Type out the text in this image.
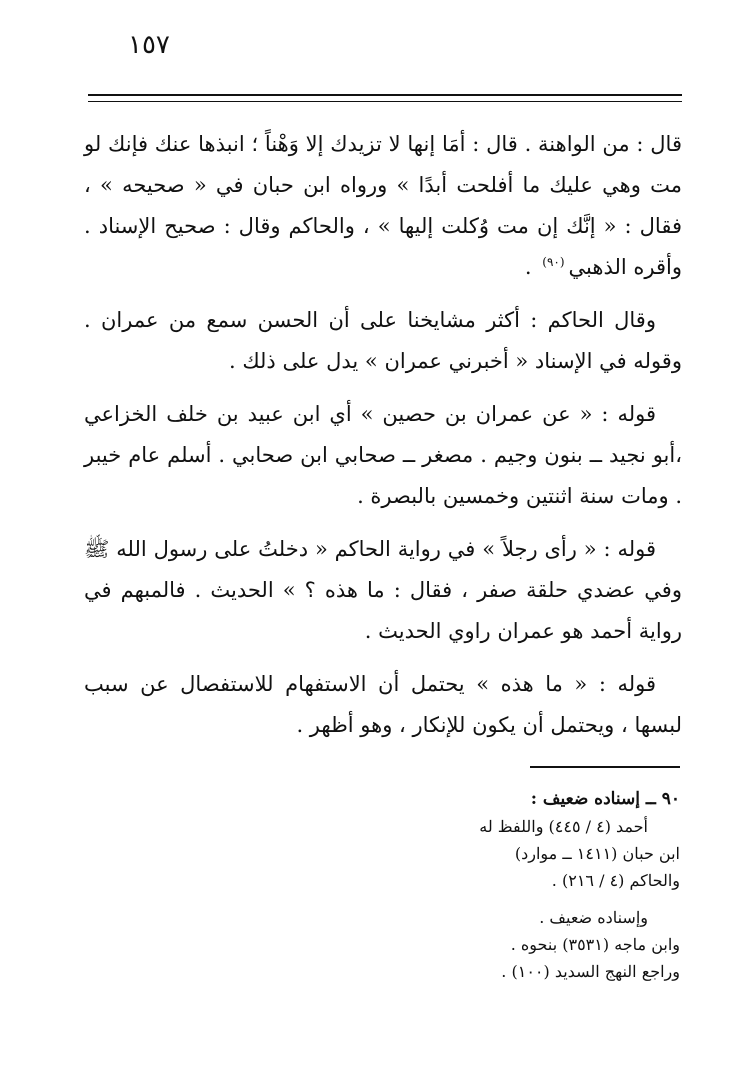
١٥٧

قال : من الواهنة . قال : أمَا إنها لا تزيدك إلا وَهْناً ؛ انبذها عنك فإنك لو مت وهي عليك ما أفلحت أبدًا » ورواه ابن حبان في « صحيحه » ، فقال : « إنَّك إن مت وُكلت إليها » ، والحاكم وقال : صحيح الإسناد . وأقره الذهبي$^{(٩٠)}$ .

وقال الحاكم : أكثر مشايخنا على أن الحسن سمع من عمران . وقوله في الإسناد « أخبرني عمران » يدل على ذلك .

قوله : « عن عمران بن حصين » أي ابن عبيد بن خلف الخزاعي ،أبو نجيد ــ بنون وجيم . مصغر ــ صحابي ابن صحابي . أسلم عام خيبر . ومات سنة اثنتين وخمسين بالبصرة .

قوله : « رأى رجلاً » في رواية الحاكم « دخلتُ على رسول الله ﷺ وفي عضدي حلقة صفر ، فقال : ما هذه ؟ » الحديث . فالمبهم في رواية أحمد هو عمران راوي الحديث .

قوله : « ما هذه » يحتمل أن الاستفهام للاستفصال عن سبب لبسها ، ويحتمل أن يكون للإنكار ، وهو أظهر .

٩٠ ــ إسناده ضعيف :
أحمد (٤ / ٤٤٥) واللفظ له
ابن حبان (١٤١١ ــ موارد)
والحاكم (٤ / ٢١٦) .
وإسناده ضعيف .
وابن ماجه (٣٥٣١) بنحوه .
وراجع النهج السديد (١٠٠) .
